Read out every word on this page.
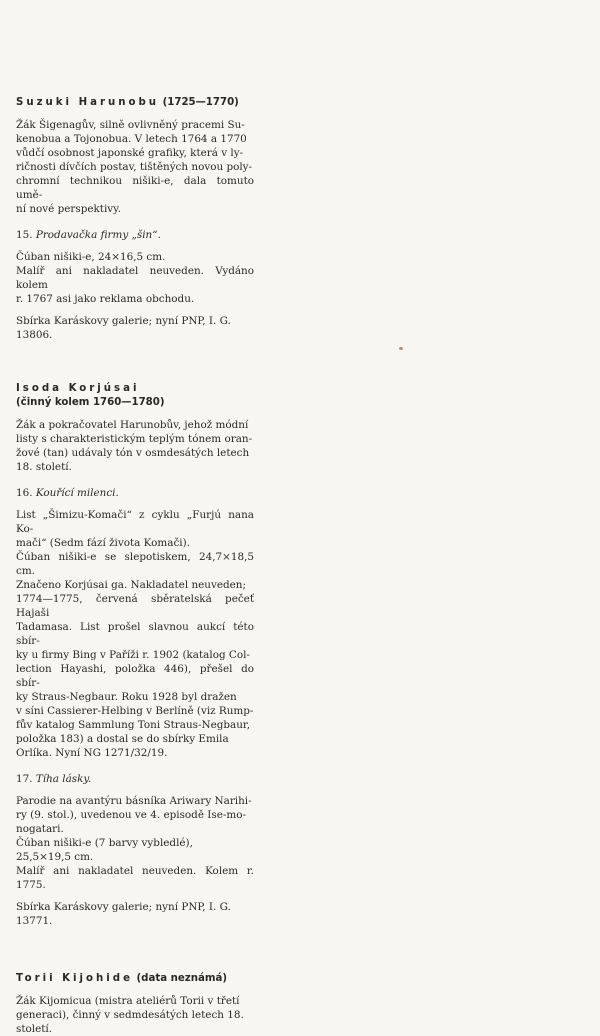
Suzuki Harunobu (1725—1770)
Žák Šigenagův, silně ovlivněný pracemi Su-
kenobua a Tojonobua. V letech 1764 a 1770
vůdčí osobnost japonské grafiky, která v ly-
ričnosti dívčích postav, tištěných novou poly-
chromní technikou nišiki-e, dala tomuto umě-
ní nové perspektivy.
15. Prodavačka firmy „šin“.
Čúban nišiki-e, 24×16,5 cm.
Malíř ani nakladatel neuveden. Vydáno kolem
r. 1767 asi jako reklama obchodu.
Sbírka Karáskovy galerie; nyní PNP, I. G.
13806.
Isoda Korjúsai
(činný kolem 1760—1780)
Žák a pokračovatel Harunobův, jehož módní
listy s charakteristickým teplým tónem oran-
žové (tan) udávaly tón v osmdesátých letech
18. století.
16. Kouřící milenci.
List „Šimizu-Komači“ z cyklu „Furjú nana Ko-
mači“ (Sedm fází života Komači).
Čúban nišiki-e se slepotiskem, 24,7×18,5 cm.
Značeno Korjúsai ga. Nakladatel neuveden;
1774—1775, červená sběratelská pečeť Hajaši
Tadamasa. List prošel slavnou aukcí této sbír-
ky u firmy Bing v Paříži r. 1902 (katalog Col-
lection Hayashi, položka 446), přešel do sbír-
ky Straus-Negbaur. Roku 1928 byl dražen
v síni Cassierer-Helbing v Berlíně (viz Rump-
fův katalog Sammlung Toni Straus-Negbaur,
položka 183) a dostal se do sbírky Emila
Orlíka. Nyní NG 1271/32/19.
17. Tíha lásky.
Parodie na avantýru básníka Ariwary Narihi-
ry (9. stol.), uvedenou ve 4. episodě Ise-mo-
nogatari.
Čúban nišiki-e (7 barvy vybledlé),
25,5×19,5 cm.
Malíř ani nakladatel neuveden. Kolem r. 1775.
Sbírka Karáskovy galerie; nyní PNP, I. G.
13771.
Torii Kijohide (data neznámá)
Žák Kijomicua (mistra ateliérů Torii v třetí
generaci), činný v sedmdesátých letech 18.
století.
